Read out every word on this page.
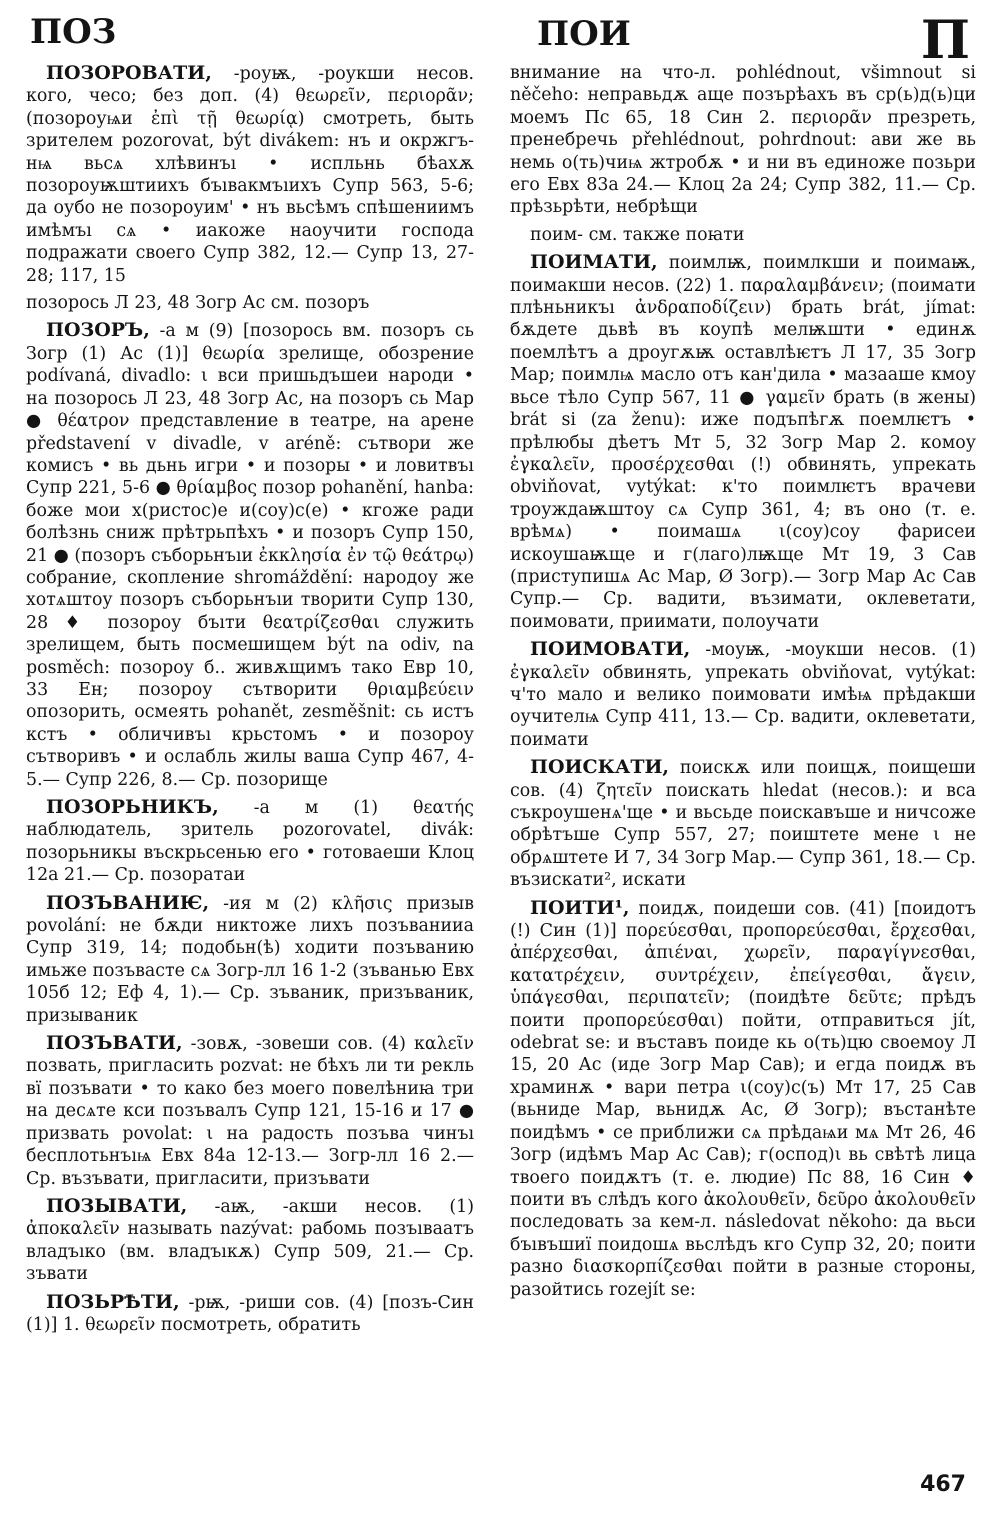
ПОЗ	ПОИ	П

ПОЗОРОВАТИ, -роуѭ, -роукши несов. кого, чесо; без доп. (4) θεωρεῖν, περιορᾶν; (позороуѩи ἐπὶ τῇ θεωρίᾳ) смотреть, быть зрителем pozorovat, být divákem: нъ и окржгъ-нѩ вьсѧ хлѣвинъı • испльнь бѣахѫ позороуѭштиихъ бъıвакмъıихъ Супр 563, 5-6; да оубо не позороуим' • нъ вьсѣмъ спѣшениимъ имѣмъı сѧ • иакоже наоучити господа подражати своего Супр 382, 12.— Супр 13, 27-28; 117, 15

позорось Л 23, 48 Зогр Ас см. позоръ

ПОЗОРЪ, -а м (9) [позорось вм. позоръ сь Зогр (1) Ас (1)] θεωρία зрелище, обозрение podívaná, divadlo: ι вси пришьдъшеи народи • на позорось Л 23, 48 Зогр Ас, на позоръ сь Мар ● θέατρον представление в театре, на арене představení v divadle, v aréně: сътвори же комисъ • вь дьнь игри • и позоры • и ловитвъı Супр 221, 5-6 ● θρίαμβος позор pohanění, hanba: боже мои х(ристос)е и(соу)с(е) • кгоже ради болѣзнь сниж прѣтрьпѣхъ • и позоръ Супр 150, 21 ● (позоръ съборьнъıи ἐκκλησία ἐν τῷ θεάτρῳ) собрание, скопление shromáždění: народоу же хотѧштоу позоръ съборьнъıи творити Супр 130, 28 ♦ позороу бъıти θεατρίζεσθαι служить зрелищем, быть посмешищем být na odiv, na posměch: позороу б.. живѫщимъ тако Евр 10, 33 Ен; позороу сътворити θριαμβεύειν опозорить, осмеять pohanět, zesměšnit: сь истъ кстъ • обличивъı крьстомъ • и позороу сътворивъ • и ослабль жилы ваша Супр 467, 4-5.— Супр 226, 8.— Ср. позорище

ПОЗОРЬНИКЪ, -а м (1) θεατής наблюдатель, зритель pozorovatel, divák: позорьникы въскрьсенью его • готоваеши Клоц 12а 21.— Ср. позоратаи

ПОЗЪВАНИѤ, -ия м (2) κλῆσις призыв povolání: не бѫди никтоже лихъ позъванииа Супр 319, 14; подобьн(ѣ) ходити позъванию имьже позъвасте сѧ Зогр-лл 16 1-2 (зъванью Евх 105б 12; Еф 4, 1).— Ср. зъваник, призъваник, призываник

ПОЗЪВАТИ, -зовѫ, -зовеши сов. (4) καλεῖν позвать, пригласить pozvat: не бѣхъ ли ти рекль вї позъвати • то како без моего повелѣниꙗ три на десѧте кси позъвалъ Супр 121, 15-16 и 17 ● призвать povolat: ι на радость позъва чинъı бесплотьнъıѩ Евх 84а 12-13.— Зогр-лл 16 2.— Ср. възъвати, пригласити, призъвати

ПОЗЫВАТИ, -аѭ, -акши несов. (1) ἀποκαλεῖν называть nazývat: рабомь позъıваатъ владъıко (вм. владъıкѫ) Супр 509, 21.— Ср. зъвати

ПОЗЬРѢТИ, -рѭ, -риши сов. (4) [позъ-Син (1)] 1. θεωρεῖν посмотреть, обратить

внимание на что-л. pohlédnout, všimnout si něčeho: неправьдѫ аще позърѣахъ въ ср(ь)д(ь)ци моемъ Пс 65, 18 Син 2. περιορᾶν презреть, пренебречь přehlédnout, pohrdnout: ави же вь немь о(ть)чиѩ жтробѫ • и ни въ единоже позьри его Евх 83а 24.— Клоц 2а 24; Супр 382, 11.— Ср. прѣзьрѣти, небрѣщи

поим- см. также поꙗти

ПОИМАТИ, поимлѭ, поимлкши и поимаѭ, поимакши несов. (22) 1. παραλαμβάνειν; (поимати плѣньникъı ἀνδραποδίζειν) брать brát, jímat: бѫдете дьвѣ въ коупѣ мелѭшти • единѫ поемлѣтъ а дроугѫѭ оставлѣѥтъ Л 17, 35 Зогр Мар; поимлѩ масло отъ кан'дила • мазааше кмоу вьсе тѣло Супр 567, 11 ● γαμεῖν брать (в жены) brát si (za ženu): иже подъпѣгѫ поемлѥтъ • прѣлюбы дѣетъ Мт 5, 32 Зогр Мар 2. комоу ἐγκαλεῖν, προσέρχεσθαι (!) обвинять, упрекать obviňovat, vytýkat: к'то поимлѥтъ врачеви троуждаѭштоу сѧ Супр 361, 4; въ оно (т. е. врѣмѧ) • поимашѧ ι(соу)соу фарисеи искоушаѭще и г(лаго)лѭще Мт 19, 3 Сав (приступишѧ Ас Мар, Ø Зогр).— Зогр Мар Ас Сав Супр.— Ср. вадити, възимати, оклеветати, поимовати, приимати, полоучати

ПОИМОВАТИ, -моуѭ, -моукши несов. (1) ἐγκαλεῖν обвинять, упрекать obviňovat, vytýkat: ч'то мало и велико поимовати имѣѩ прѣдакши оучителѩ Супр 411, 13.— Ср. вадити, оклеветати, поимати

ПОИСКАТИ, поискѫ или поищѫ, поищеши сов. (4) ζητεῖν поискать hledat (несов.): и вса съкроушенѧ'ще • и вьсьде поискавъше и ничсоже обрѣтъше Супр 557, 27; поиштете мене ι не обрѧштете И 7, 34 Зогр Мар.— Супр 361, 18.— Ср. възискати², искати

ПОИТИ¹, поидѫ, поидеши сов. (41) [поидотъ (!) Син (1)] πορεύεσθαι, προπορεύεσθαι, ἔρχεσθαι, ἀπέρχεσθαι, ἀπιέναι, χωρεῖν, παραγίγνεσθαι, κατατρέχειν, συντρέχειν, ἐπείγεσθαι, ἄγειν, ὑπάγεσθαι, περιπατεῖν; (поидѣте δεῦτε; прѣдъ поити προπορεύεσθαι) пойти, отправиться jít, odebrat se: и въставъ поиде кь о(ть)цю своемоу Л 15, 20 Ас (иде Зогр Мар Сав); и егда поидѫ въ храминѫ • вари петра ι(соу)с(ъ) Мт 17, 25 Сав (вьниде Мар, вьнидѫ Ас, Ø Зогр); въстанѣте поидѣмъ • се приближи сѧ прѣдаѩи мѧ Мт 26, 46 Зогр (идѣмъ Мар Ас Сав); г(оспод)ι вь свѣтѣ лица твоего поидѫтъ (т. е. людие) Пс 88, 16 Син ♦ поити въ слѣдъ кого ἀκολουθεῖν, δεῦρο ἀκολουθεῖν последовать за кем-л. následovat někoho: да вьси бъıвъшиї поидошѧ вьслѣдъ кго Супр 32, 20; поити разно διασκορπίζεσθαι пойти в разные стороны, разойтись rozejít se:

467
